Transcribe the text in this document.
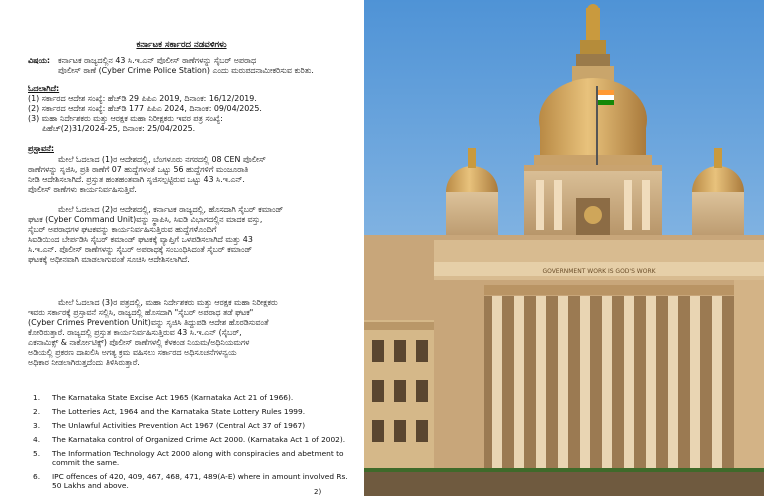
ಕರ್ನಾಟಕ ಸರ್ಕಾರದ ನಡವಳಿಗಳು
ವಿಷಯ: ಕರ್ನಾಟಕ ರಾಜ್ಯದಲ್ಲಿನ 43 ಸಿ.ಇ.ಎನ್ ಪೊಲೀಸ್ ಠಾಣೆಗಳನ್ನು ಸೈಬರ್ ಅಪರಾಧ
ಪೊಲೀಸ್ ಠಾಣೆ (Cyber Crime Police Station) ಎಂದು ಮರುಪದನಾಮೀಕರಿಸುವ ಕುರಿತು.
ಓದಲಾಗಿದೆ:
(1) ಸರ್ಕಾರದ ಆದೇಶ ಸಂಖ್ಯೆ: ಹೆಚ್‌ಡಿ 29 ಪಿಪಿಎ 2019, ದಿನಾಂಕ: 16/12/2019.
(2) ಸರ್ಕಾರದ ಆದೇಶ ಸಂಖ್ಯೆ: ಹೆಚ್‌ಡಿ 177 ಪಿಪಿಎ 2024, ದಿನಾಂಕ: 09/04/2025.
(3) ಮಹಾ ನಿರ್ದೇಶಕರು ಮತ್ತು ಆರಕ್ಷಕ ಮಹಾ ನಿರೀಕ್ಷಕರು ಇವರ ಪತ್ರ ಸಂಖ್ಯೆ:
ಪಿಹೆಚ್(2)31/2024-25, ದಿನಾಂಕ: 25/04/2025.
ಪ್ರಸ್ತಾವನೆ:
ಮೇಲೆ ಓದಲಾದ (1)ರ ಆದೇಶದಲ್ಲಿ, ಬೆಂಗಳೂರು ನಗರದಲ್ಲಿ 08 CEN ಪೊಲೀಸ್
ಠಾಣೆಗಳನ್ನು ಸೃಜಿಸಿ, ಪ್ರತಿ ಠಾಣೆಗೆ 07 ಹುದ್ದೆಗಳಂತೆ ಒಟ್ಟು 56 ಹುದ್ದೆಗಳಿಗೆ ಮಂಜೂರಾತಿ
ನೀಡಿ ಆದೇಶಿಸಲಾಗಿದೆ. ಪ್ರಸ್ತುತ ಹಂತಹಂತವಾಗಿ ಸೃಜಿಸಲ್ಪಟ್ಟಿರುವ ಒಟ್ಟು 43 ಸಿ.ಇ.ಎನ್.
ಪೊಲೀಸ್ ಠಾಣೆಗಳು ಕಾರ್ಯನಿರ್ವಹಿಸುತ್ತಿವೆ.
ಮೇಲೆ ಓದಲಾದ (2)ರ ಆದೇಶದಲ್ಲಿ, ಕರ್ನಾಟಕ ರಾಜ್ಯದಲ್ಲಿ, ಹೊಸದಾಗಿ ಸೈಬರ್ ಕಮಾಂಡ್
ಘಟಕ (Cyber Command Unit)ವನ್ನು ಸ್ಥಾಪಿಸಿ, ಸಿಐಡಿ ವಿಭಾಗದಲ್ಲಿನ ಮಾದಕ ವಸ್ತು,
ಸೈಬರ್ ಅಪರಾಧಗಳ ಘಟಕವನ್ನು ಕಾರ್ಯನಿರ್ವಹಿಸುತ್ತಿರುವ ಹುದ್ದೆಗಳೊಂದಿಗೆ
ಸಿಐಡಿಯಿಂದ ಬೇರ್ಪಡಿಸಿ ಸೈಬರ್ ಕಮಾಂಡ್ ಘಟಕಕ್ಕೆ ವ್ಯಾಪ್ತಿಗೆ ಒಳಪಡಿಸಲಾಗಿದೆ ಮತ್ತು 43
ಸಿ.ಇ.ಎನ್. ಪೊಲೀಸ್ ಠಾಣೆಗಳನ್ನು ಸೈಬರ್ ಅಪರಾಧಕ್ಕೆ ಸಂಬಂಧಿಸಿದಂತೆ ಸೈಬರ್ ಕಮಾಂಡ್
ಘಟಕಕ್ಕೆ ಅಧೀನವಾಗಿ ಮಾಡಲಾಗುವಂತೆ ಸೂಚಿಸಿ ಆದೇಶಿಸಲಾಗಿದೆ.
ಮೇಲೆ ಓದಲಾದ (3)ರ ಪತ್ರದಲ್ಲಿ, ಮಹಾ ನಿರ್ದೇಶಕರು ಮತ್ತು ಆರಕ್ಷಕ ಮಹಾ ನಿರೀಕ್ಷಕರು
ಇವರು ಸರ್ಕಾರಕ್ಕೆ ಪ್ರಸ್ತಾವನೆ ಸಲ್ಲಿಸಿ, ರಾಜ್ಯದಲ್ಲಿ ಹೊಸದಾಗಿ "ಸೈಬರ್ ಅಪರಾಧ ತಡೆ ಘಟಕ"
(Cyber Crimes Prevention Unit)ವನ್ನು ಸೃಜಿಸಿ ತಿದ್ದುಪಡಿ ಆದೇಶ ಹೊರಡಿಸುವಂತೆ
ಕೋರಿರುತ್ತಾರೆ. ರಾಜ್ಯದಲ್ಲಿ ಪ್ರಸ್ತುತ ಕಾರ್ಯನಿರ್ವಹಿಸುತ್ತಿರುವ 43 ಸಿ.ಇ.ಎನ್ (ಸೈಬರ್,
ಎಕನಾಮಿಕ್ಸ್ & ನಾರ್ಕೋಟಿಕ್ಸ್) ಪೊಲೀಸ್ ಠಾಣೆಗಳಲ್ಲಿ ಕೆಳಕಂಡ ನಿಯಮ/ಅಧಿನಿಯಮಗಳ
ಅಡಿಯಲ್ಲಿ ಪ್ರಕರಣ ದಾಖಲಿಸಿ ಅಗತ್ಯ ಕ್ರಮ ವಹಿಸಲು ಸರ್ಕಾರದ ಅಧಿಸೂಚನೆಗಳನ್ವಯ
ಅಧಿಕಾರ ನೀಡಲಾಗಿರುತ್ತದೆಂದು ತಿಳಿಸಿರುತ್ತಾರೆ.
1.	The Karnataka State Excise Act 1965 (Karnataka Act 21 of 1966).
2.	The Lotteries Act, 1964 and the Karnataka State Lottery Rules 1999.
3.	The Unlawful Activities Prevention Act 1967 (Central Act 37 of 1967)
4.	The Karnataka control of Organized Crime Act 2000. (Karnataka Act 1 of 2002).
5.	The Information Technology Act 2000 along with conspiracies and abetment to commit the same.
6.	IPC offences of 420, 409, 467, 468, 471, 489(A-E) where in amount involved Rs. 50 Lakhs and above.
2)
GOVERNMENT WORK IS GOD'S WORK
